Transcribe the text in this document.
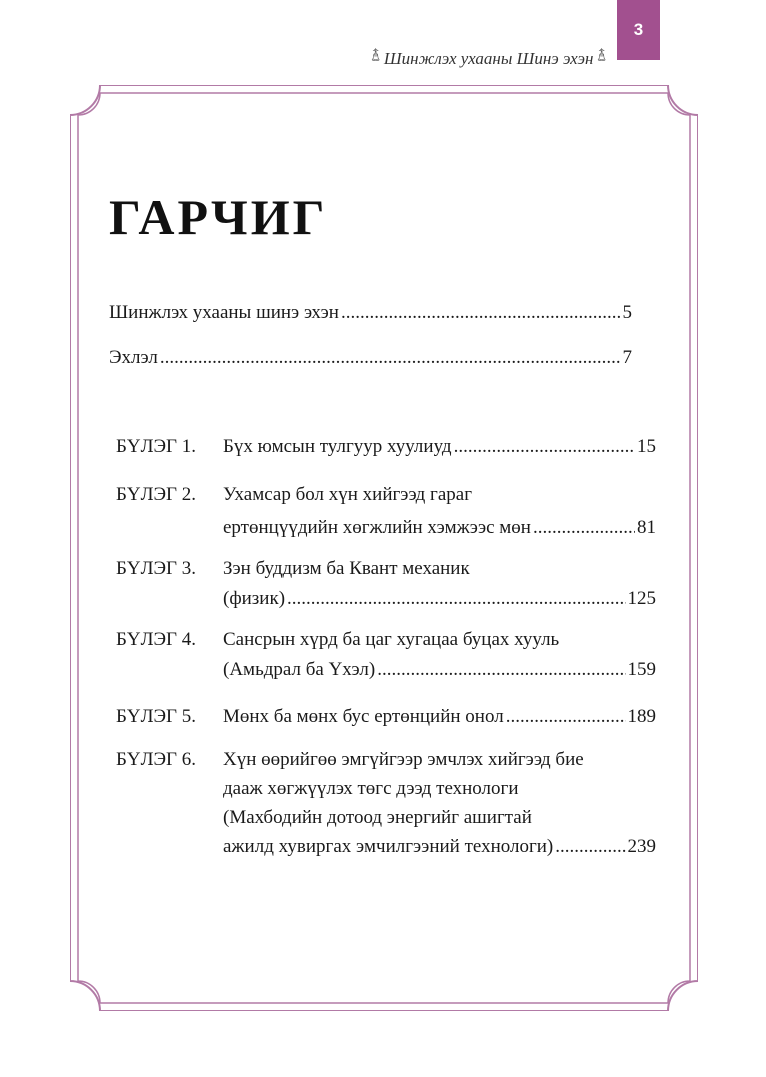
࿄ Шинжлэх ухааны Шинэ эхэн ࿄
3
ГАРЧИГ
Шинжлэх ухааны шинэ эхэн .....	5
Эхлэл .....	7
БҮЛЭГ 1. Бүх юмсын тулгуур хуулиуд .....	15
БҮЛЭГ 2. Ухамсар бол хүн хийгээд гараг
ертөнцүүдийн хөгжлийн хэмжээс мөн .....	81
БҮЛЭГ 3. Зэн буддизм ба Квант механик
(физик) .....	125
БҮЛЭГ 4. Сансрын хүрд ба цаг хугацаа буцах хууль
(Амьдрал ба Үхэл) .....	159
БҮЛЭГ 5. Мөнх ба мөнх бус ертөнцийн онол .....	189
БҮЛЭГ 6. Хүн өөрийгөө эмгүйгээр эмчлэх хийгээд бие
дааж хөгжүүлэх төгс дээд технологи
(Махбодийн дотоод энергийг ашигтай
ажилд хувиргах эмчилгээний технологи) .....	239
